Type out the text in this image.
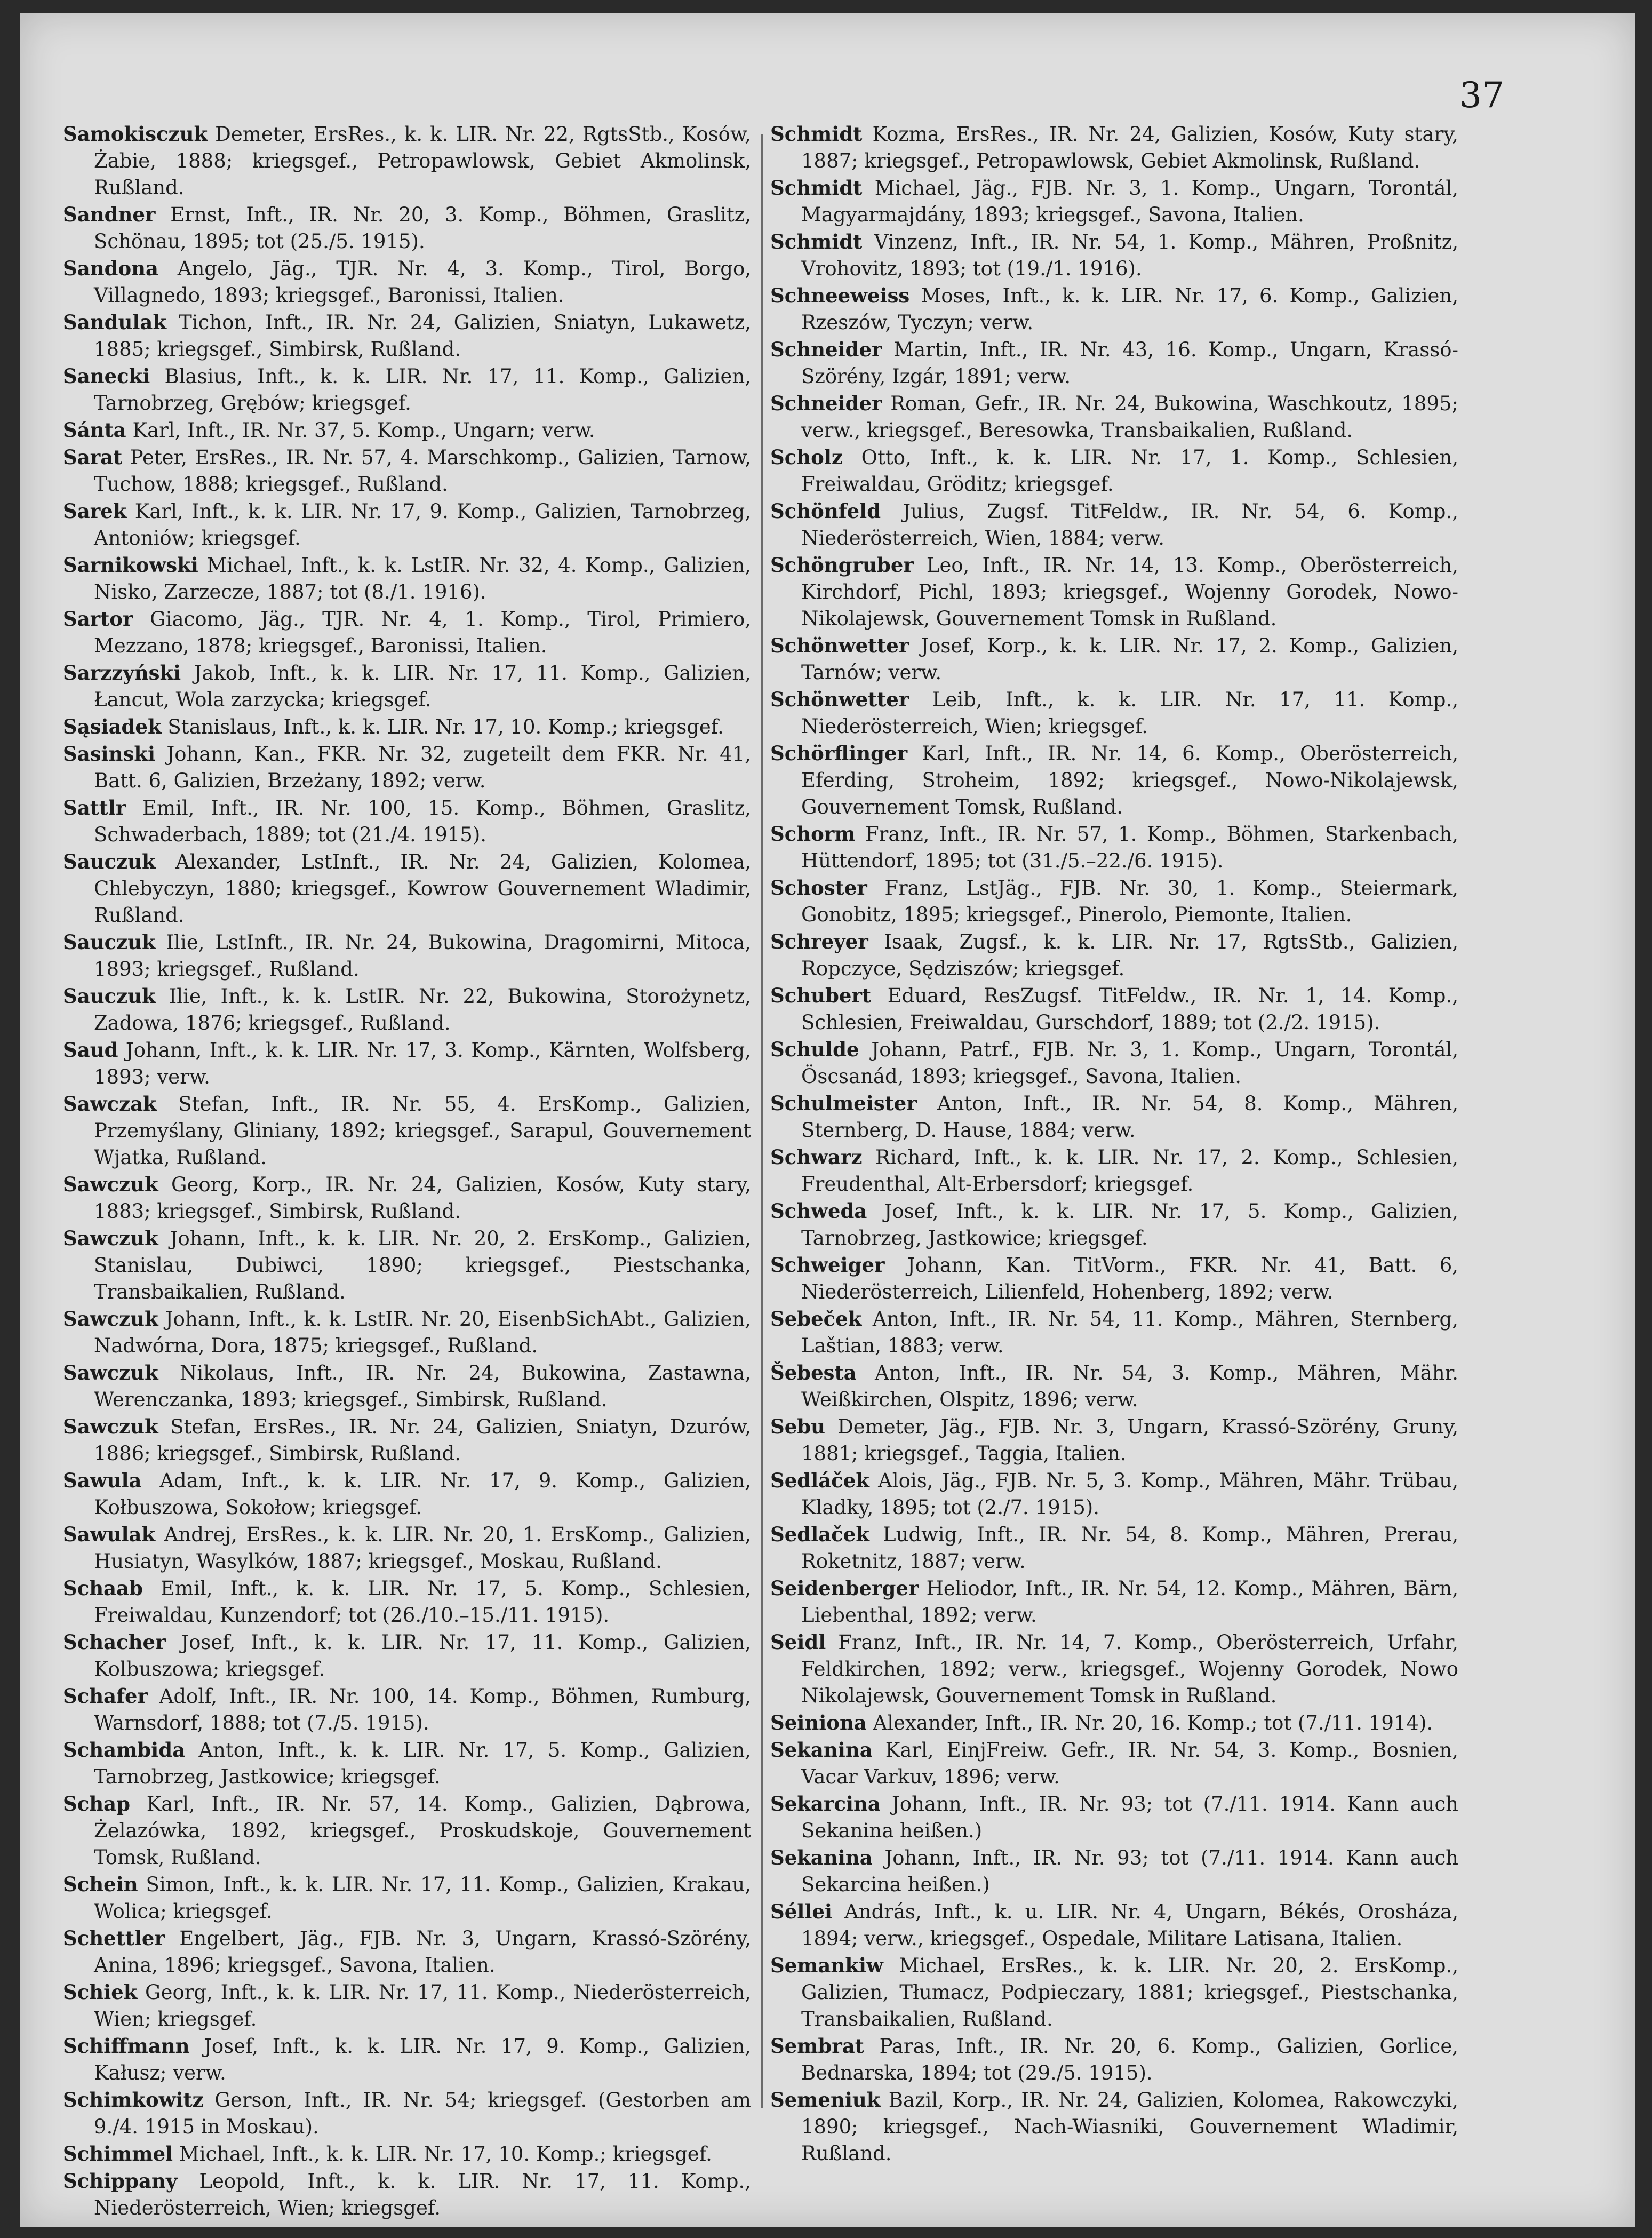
37

Samokisczuk Demeter, ErsRes., k. k. LIR. Nr. 22, RgtsStb., Kosów, Żabie, 1888; kriegsgef., Petropawlowsk, Gebiet Akmolinsk, Rußland.

Sandner Ernst, Inft., IR. Nr. 20, 3. Komp., Böhmen, Graslitz, Schönau, 1895; tot (25./5. 1915).

Sandona Angelo, Jäg., TJR. Nr. 4, 3. Komp., Tirol, Borgo, Villagnedo, 1893; kriegsgef., Baronissi, Italien.

Sandulak Tichon, Inft., IR. Nr. 24, Galizien, Sniatyn, Lukawetz, 1885; kriegsgef., Simbirsk, Rußland.

Sanecki Blasius, Inft., k. k. LIR. Nr. 17, 11. Komp., Galizien, Tarnobrzeg, Grębów; kriegsgef.

Sánta Karl, Inft., IR. Nr. 37, 5. Komp., Ungarn; verw.

Sarat Peter, ErsRes., IR. Nr. 57, 4. Marschkomp., Galizien, Tarnow, Tuchow, 1888; kriegsgef., Rußland.

Sarek Karl, Inft., k. k. LIR. Nr. 17, 9. Komp., Galizien, Tarnobrzeg, Antoniów; kriegsgef.

Sarnikowski Michael, Inft., k. k. LstIR. Nr. 32, 4. Komp., Galizien, Nisko, Zarzecze, 1887; tot (8./1. 1916).

Sartor Giacomo, Jäg., TJR. Nr. 4, 1. Komp., Tirol, Primiero, Mezzano, 1878; kriegsgef., Baronissi, Italien.

Sarzzyński Jakob, Inft., k. k. LIR. Nr. 17, 11. Komp., Galizien, Łancut, Wola zarzycka; kriegsgef.

Sąsiadek Stanislaus, Inft., k. k. LIR. Nr. 17, 10. Komp.; kriegsgef.

Sasinski Johann, Kan., FKR. Nr. 32, zugeteilt dem FKR. Nr. 41, Batt. 6, Galizien, Brzeżany, 1892; verw.

Sattlr Emil, Inft., IR. Nr. 100, 15. Komp., Böhmen, Graslitz, Schwaderbach, 1889; tot (21./4. 1915).

Sauczuk Alexander, LstInft., IR. Nr. 24, Galizien, Kolomea, Chlebyczyn, 1880; kriegsgef., Kowrow Gouvernement Wladimir, Rußland.

Sauczuk Ilie, LstInft., IR. Nr. 24, Bukowina, Dragomirni, Mitoca, 1893; kriegsgef., Rußland.

Sauczuk Ilie, Inft., k. k. LstIR. Nr. 22, Bukowina, Storożynetz, Zadowa, 1876; kriegsgef., Rußland.

Saud Johann, Inft., k. k. LIR. Nr. 17, 3. Komp., Kärnten, Wolfsberg, 1893; verw.

Sawczak Stefan, Inft., IR. Nr. 55, 4. ErsKomp., Galizien, Przemyślany, Gliniany, 1892; kriegsgef., Sarapul, Gouvernement Wjatka, Rußland.

Sawczuk Georg, Korp., IR. Nr. 24, Galizien, Kosów, Kuty stary, 1883; kriegsgef., Simbirsk, Rußland.

Sawczuk Johann, Inft., k. k. LIR. Nr. 20, 2. ErsKomp., Galizien, Stanislau, Dubiwci, 1890; kriegsgef., Piestschanka, Transbaikalien, Rußland.

Sawczuk Johann, Inft., k. k. LstIR. Nr. 20, EisenbSichAbt., Galizien, Nadwórna, Dora, 1875; kriegsgef., Rußland.

Sawczuk Nikolaus, Inft., IR. Nr. 24, Bukowina, Zastawna, Werenczanka, 1893; kriegsgef., Simbirsk, Rußland.

Sawczuk Stefan, ErsRes., IR. Nr. 24, Galizien, Sniatyn, Dzurów, 1886; kriegsgef., Simbirsk, Rußland.

Sawula Adam, Inft., k. k. LIR. Nr. 17, 9. Komp., Galizien, Kołbuszowa, Sokołow; kriegsgef.

Sawulak Andrej, ErsRes., k. k. LIR. Nr. 20, 1. ErsKomp., Galizien, Husiatyn, Wasylków, 1887; kriegsgef., Moskau, Rußland.

Schaab Emil, Inft., k. k. LIR. Nr. 17, 5. Komp., Schlesien, Freiwaldau, Kunzendorf; tot (26./10.–15./11. 1915).

Schacher Josef, Inft., k. k. LIR. Nr. 17, 11. Komp., Galizien, Kolbuszowa; kriegsgef.

Schafer Adolf, Inft., IR. Nr. 100, 14. Komp., Böhmen, Rumburg, Warnsdorf, 1888; tot (7./5. 1915).

Schambida Anton, Inft., k. k. LIR. Nr. 17, 5. Komp., Galizien, Tarnobrzeg, Jastkowice; kriegsgef.

Schap Karl, Inft., IR. Nr. 57, 14. Komp., Galizien, Dąbrowa, Żelazówka, 1892, kriegsgef., Proskudskoje, Gouvernement Tomsk, Rußland.

Schein Simon, Inft., k. k. LIR. Nr. 17, 11. Komp., Galizien, Krakau, Wolica; kriegsgef.

Schettler Engelbert, Jäg., FJB. Nr. 3, Ungarn, Krassó-Szörény, Anina, 1896; kriegsgef., Savona, Italien.

Schiek Georg, Inft., k. k. LIR. Nr. 17, 11. Komp., Niederösterreich, Wien; kriegsgef.

Schiffmann Josef, Inft., k. k. LIR. Nr. 17, 9. Komp., Galizien, Kałusz; verw.

Schimkowitz Gerson, Inft., IR. Nr. 54; kriegsgef. (Gestorben am 9./4. 1915 in Moskau).

Schimmel Michael, Inft., k. k. LIR. Nr. 17, 10. Komp.; kriegsgef.

Schippany Leopold, Inft., k. k. LIR. Nr. 17, 11. Komp., Niederösterreich, Wien; kriegsgef.

Schmidt Kozma, ErsRes., IR. Nr. 24, Galizien, Kosów, Kuty stary, 1887; kriegsgef., Petropawlowsk, Gebiet Akmolinsk, Rußland.

Schmidt Michael, Jäg., FJB. Nr. 3, 1. Komp., Ungarn, Torontál, Magyarmajdány, 1893; kriegsgef., Savona, Italien.

Schmidt Vinzenz, Inft., IR. Nr. 54, 1. Komp., Mähren, Proßnitz, Vrohovitz, 1893; tot (19./1. 1916).

Schneeweiss Moses, Inft., k. k. LIR. Nr. 17, 6. Komp., Galizien, Rzeszów, Tyczyn; verw.

Schneider Martin, Inft., IR. Nr. 43, 16. Komp., Ungarn, Krassó-Szörény, Izgár, 1891; verw.

Schneider Roman, Gefr., IR. Nr. 24, Bukowina, Waschkoutz, 1895; verw., kriegsgef., Beresowka, Transbaikalien, Rußland.

Scholz Otto, Inft., k. k. LIR. Nr. 17, 1. Komp., Schlesien, Freiwaldau, Gröditz; kriegsgef.

Schönfeld Julius, Zugsf. TitFeldw., IR. Nr. 54, 6. Komp., Niederösterreich, Wien, 1884; verw.

Schöngruber Leo, Inft., IR. Nr. 14, 13. Komp., Oberösterreich, Kirchdorf, Pichl, 1893; kriegsgef., Wojenny Gorodek, Nowo-Nikolajewsk, Gouvernement Tomsk in Rußland.

Schönwetter Josef, Korp., k. k. LIR. Nr. 17, 2. Komp., Galizien, Tarnów; verw.

Schönwetter Leib, Inft., k. k. LIR. Nr. 17, 11. Komp., Niederösterreich, Wien; kriegsgef.

Schörflinger Karl, Inft., IR. Nr. 14, 6. Komp., Oberösterreich, Eferding, Stroheim, 1892; kriegsgef., Nowo-Nikolajewsk, Gouvernement Tomsk, Rußland.

Schorm Franz, Inft., IR. Nr. 57, 1. Komp., Böhmen, Starkenbach, Hüttendorf, 1895; tot (31./5.–22./6. 1915).

Schoster Franz, LstJäg., FJB. Nr. 30, 1. Komp., Steiermark, Gonobitz, 1895; kriegsgef., Pinerolo, Piemonte, Italien.

Schreyer Isaak, Zugsf., k. k. LIR. Nr. 17, RgtsStb., Galizien, Ropczyce, Sędziszów; kriegsgef.

Schubert Eduard, ResZugsf. TitFeldw., IR. Nr. 1, 14. Komp., Schlesien, Freiwaldau, Gurschdorf, 1889; tot (2./2. 1915).

Schulde Johann, Patrf., FJB. Nr. 3, 1. Komp., Ungarn, Torontál, Öscsanád, 1893; kriegsgef., Savona, Italien.

Schulmeister Anton, Inft., IR. Nr. 54, 8. Komp., Mähren, Sternberg, D. Hause, 1884; verw.

Schwarz Richard, Inft., k. k. LIR. Nr. 17, 2. Komp., Schlesien, Freudenthal, Alt-Erbersdorf; kriegsgef.

Schweda Josef, Inft., k. k. LIR. Nr. 17, 5. Komp., Galizien, Tarnobrzeg, Jastkowice; kriegsgef.

Schweiger Johann, Kan. TitVorm., FKR. Nr. 41, Batt. 6, Niederösterreich, Lilienfeld, Hohenberg, 1892; verw.

Sebeček Anton, Inft., IR. Nr. 54, 11. Komp., Mähren, Sternberg, Laštian, 1883; verw.

Šebesta Anton, Inft., IR. Nr. 54, 3. Komp., Mähren, Mähr. Weißkirchen, Olspitz, 1896; verw.

Sebu Demeter, Jäg., FJB. Nr. 3, Ungarn, Krassó-Szörény, Gruny, 1881; kriegsgef., Taggia, Italien.

Sedláček Alois, Jäg., FJB. Nr. 5, 3. Komp., Mähren, Mähr. Trübau, Kladky, 1895; tot (2./7. 1915).

Sedlaček Ludwig, Inft., IR. Nr. 54, 8. Komp., Mähren, Prerau, Roketnitz, 1887; verw.

Seidenberger Heliodor, Inft., IR. Nr. 54, 12. Komp., Mähren, Bärn, Liebenthal, 1892; verw.

Seidl Franz, Inft., IR. Nr. 14, 7. Komp., Oberösterreich, Urfahr, Feldkirchen, 1892; verw., kriegsgef., Wojenny Gorodek, Nowo Nikolajewsk, Gouvernement Tomsk in Rußland.

Seiniona Alexander, Inft., IR. Nr. 20, 16. Komp.; tot (7./11. 1914).

Sekanina Karl, EinjFreiw. Gefr., IR. Nr. 54, 3. Komp., Bosnien, Vacar Varkuv, 1896; verw.

Sekarcina Johann, Inft., IR. Nr. 93; tot (7./11. 1914. Kann auch Sekanina heißen.)

Sekanina Johann, Inft., IR. Nr. 93; tot (7./11. 1914. Kann auch Sekarcina heißen.)

Séllei András, Inft., k. u. LIR. Nr. 4, Ungarn, Békés, Orosháza, 1894; verw., kriegsgef., Ospedale, Militare Latisana, Italien.

Semankiw Michael, ErsRes., k. k. LIR. Nr. 20, 2. ErsKomp., Galizien, Tłumacz, Podpieczary, 1881; kriegsgef., Piestschanka, Transbaikalien, Rußland.

Sembrat Paras, Inft., IR. Nr. 20, 6. Komp., Galizien, Gorlice, Bednarska, 1894; tot (29./5. 1915).

Semeniuk Bazil, Korp., IR. Nr. 24, Galizien, Kolomea, Rakowczyki, 1890; kriegsgef., Nach-Wiasniki, Gouvernement Wladimir, Rußland.
